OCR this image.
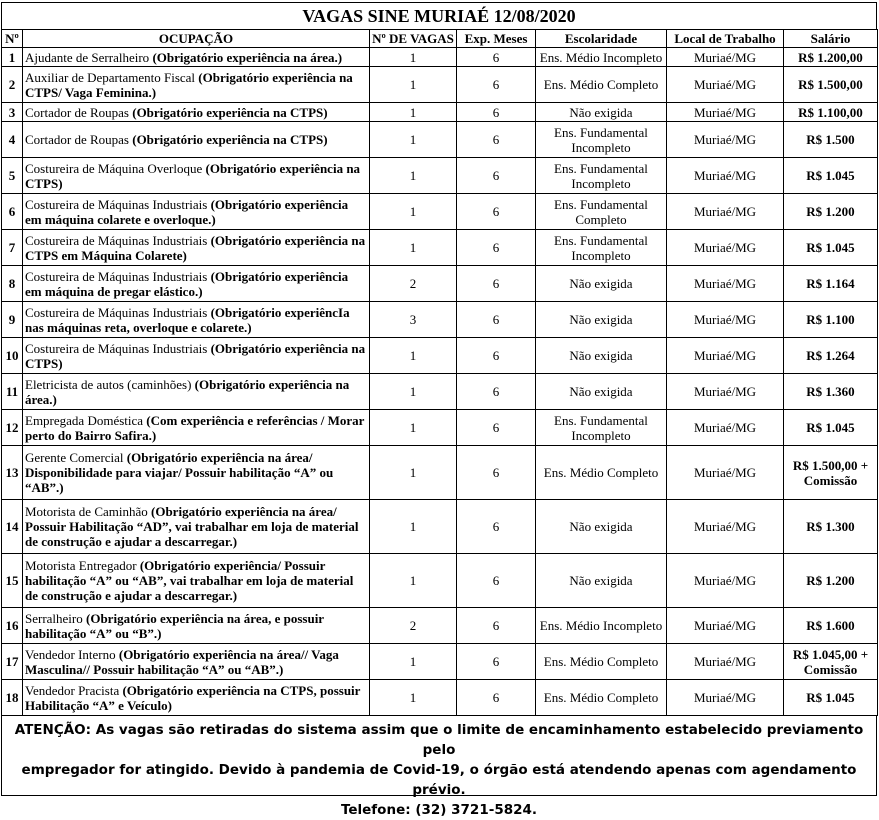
VAGAS SINE MURIAÉ 12/08/2020
Nº	OCUPAÇÃO	Nº DE VAGAS	Exp. Meses	Escolaridade	Local de Trabalho	Salário
1	Ajudante de Serralheiro (Obrigatório experiência na área.)	1	6	Ens. Médio Incompleto	Muriaé/MG	R$ 1.200,00
2	Auxiliar de Departamento Fiscal (Obrigatório experiência na CTPS/ Vaga Feminina.)	1	6	Ens. Médio Completo	Muriaé/MG	R$ 1.500,00
3	Cortador de Roupas (Obrigatório experiência na CTPS)	1	6	Não exigida	Muriaé/MG	R$ 1.100,00
4	Cortador de Roupas (Obrigatório experiência na CTPS)	1	6	Ens. Fundamental Incompleto	Muriaé/MG	R$ 1.500
5	Costureira de Máquina Overloque (Obrigatório experiência na CTPS)	1	6	Ens. Fundamental Incompleto	Muriaé/MG	R$ 1.045
6	Costureira de Máquinas Industriais (Obrigatório experiência em máquina colarete e overloque.)	1	6	Ens. Fundamental Completo	Muriaé/MG	R$ 1.200
7	Costureira de Máquinas Industriais (Obrigatório experiência na CTPS em Máquina Colarete)	1	6	Ens. Fundamental Incompleto	Muriaé/MG	R$ 1.045
8	Costureira de Máquinas Industriais (Obrigatório experiência em máquina de pregar elástico.)	2	6	Não exigida	Muriaé/MG	R$ 1.164
9	Costureira de Máquinas Industriais (Obrigatório experiêncIa nas máquinas reta, overloque e colarete.)	3	6	Não exigida	Muriaé/MG	R$ 1.100
10	Costureira de Máquinas Industriais (Obrigatório experiência na CTPS)	1	6	Não exigida	Muriaé/MG	R$ 1.264
11	Eletricista de autos (caminhões) (Obrigatório experiência na área.)	1	6	Não exigida	Muriaé/MG	R$ 1.360
12	Empregada Doméstica (Com experiência e referências / Morar perto do Bairro Safira.)	1	6	Ens. Fundamental Incompleto	Muriaé/MG	R$ 1.045
13	Gerente Comercial (Obrigatório experiência na área/ Disponibilidade para viajar/ Possuir habilitação “A” ou “AB”.)	1	6	Ens. Médio Completo	Muriaé/MG	R$ 1.500,00 + Comissão
14	Motorista de Caminhão (Obrigatório experiência na área/ Possuir Habilitação “AD”, vai trabalhar em loja de material de construção e ajudar a descarregar.)	1	6	Não exigida	Muriaé/MG	R$ 1.300
15	Motorista Entregador (Obrigatório experiência/ Possuir habilitação “A” ou “AB”, vai trabalhar em loja de material de construção e ajudar a descarregar.)	1	6	Não exigida	Muriaé/MG	R$ 1.200
16	Serralheiro (Obrigatório experiência na área, e possuir habilitação “A” ou “B”.)	2	6	Ens. Médio Incompleto	Muriaé/MG	R$ 1.600
17	Vendedor Interno (Obrigatório experiência na área// Vaga Masculina// Possuir habilitação “A” ou “AB”.)	1	6	Ens. Médio Completo	Muriaé/MG	R$ 1.045,00 + Comissão
18	Vendedor Pracista (Obrigatório experiência na CTPS, possuir Habilitação “A” e Veículo)	1	6	Ens. Médio Completo	Muriaé/MG	R$ 1.045
ATENÇÃO: As vagas são retiradas do sistema assim que o limite de encaminhamento estabelecido previamento pelo
empregador for atingido. Devido à pandemia de Covid-19, o órgão está atendendo apenas com agendamento prévio.
Telefone: (32) 3721-5824.
